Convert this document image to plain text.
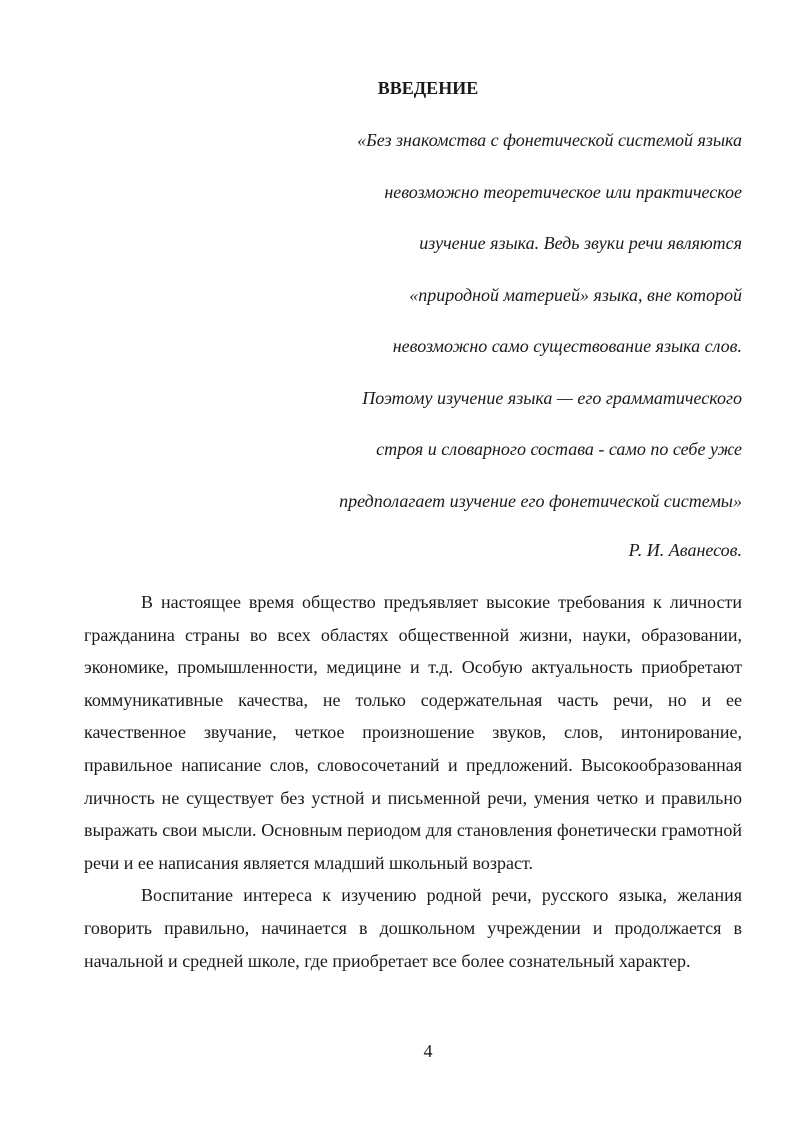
ВВЕДЕНИЕ
«Без знакомства с фонетической системой языка
невозможно теоретическое или практическое
изучение языка. Ведь звуки речи являются
«природной материей» языка, вне которой
невозможно само существование языка слов.
Поэтому изучение языка — его грамматического
строя и словарного состава - само по себе уже
предполагает изучение его фонетической системы»
Р. И. Аванесов.

В настоящее время общество предъявляет высокие требования к личности гражданина страны во всех областях общественной жизни, науки, образовании, экономике, промышленности, медицине и т.д. Особую актуальность приобретают коммуникативные качества, не только содержательная часть речи, но и ее качественное звучание, четкое произношение звуков, слов, интонирование, правильное написание слов, словосочетаний и предложений. Высокообразованная личность не существует без устной и письменной речи, умения четко и правильно выражать свои мысли. Основным периодом для становления фонетически грамотной речи и ее написания является младший школьный возраст.

Воспитание интереса к изучению родной речи, русского языка, желания говорить правильно, начинается в дошкольном учреждении и продолжается в начальной и средней школе, где приобретает все более сознательный характер.

4
